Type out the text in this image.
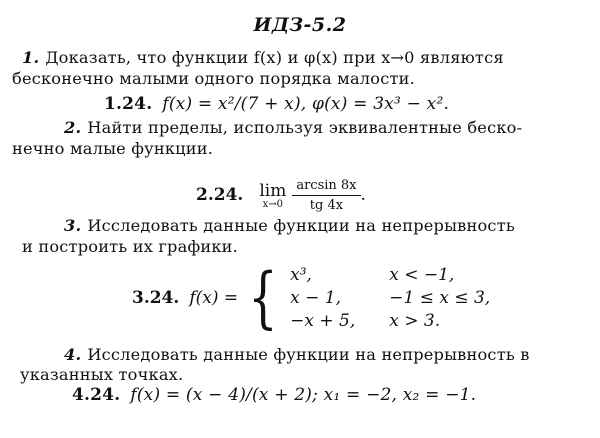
ИДЗ-5.2
1. Доказать, что функции f(x) и φ(x) при x→0 являются
бесконечно малыми одного порядка малости.
1.24. f(x) = x²/(7 + x), φ(x) = 3x³ − x².
2. Найти пределы, используя эквивалентные беско-
нечно малые функции.
2.24. lim
$x\to 0 \frac{\arcsin 8x}{tg 4x}$ .
3. Исследовать данные функции на непрерывность
и построить их графики.
3.24. f(x) = { x³,	x < −1,
x − 1,	−1 ≤ x ≤ 3,
−x + 5, x > 3.
4. Исследовать данные функции на непрерывность в
указанных точках.
4.24. f(x) = (x − 4)/(x + 2); x₁ = −2, x₂ = −1.
